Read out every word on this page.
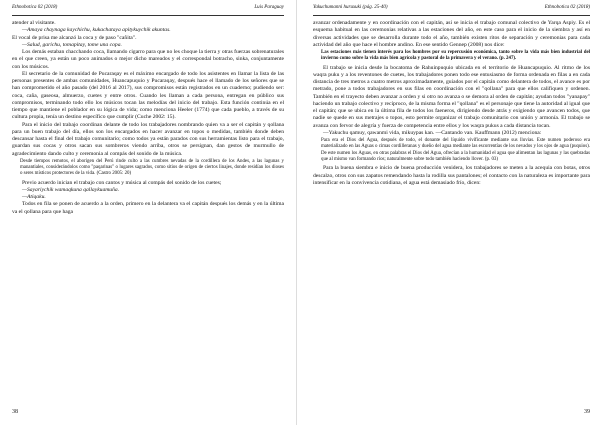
Ethnobotica 02 (2018)	Luis Paraguay

atender al visitante.

—Amaya chaynaga kaychichu, kukachataya apitykuychik akuntas.

El vocal de prisa me alcanzó la coca y de paso "cañita".

—Salud, garichu, tomapitay, tome una copa.

Los demás estaban chacchando coca, llamando cigarro para que no les choque la tierra y otras fuerzas sobrenaturales en el que creen, ya están un poco animados o mejor dicho mareados y el correspondal botracho, sinka, conjuntamente con los músicos.

El secretario de la comunidad de Pucaraqay es el máximo encargado de todo los asistentes en llamar la lista de las personas presentes de ambas comunidades, Huancapuquio y Pucaraqay, después hace el llamado de los señores que se han comprometido el año pasado (del 2016 al 2017), sus compromisos están registrados en un cuaderno; pudiendo ser: coca, caña, gaseosa, almuerzo, cuetes y entre otros. Cuando les llaman a cada persona, entregan en público sus compromisos, terminando todo ello los músicos tocan las melodías del inicio del trabajo. Esta función continúa en el tiempo que mantiene el poblador en su lógica de vida; como menciona Heeler (1774) que cada pueblo, a través de su cultura propia, tenía un destino específico que cumplir (Cuche 2002: 15).

Para el inicio del trabajo coordinan delante de todo los trabajadores nombrando quien va a ser el capitán y qollana para un buen trabajo del día, ellos son los encargados en hacer avanzar en topos o medidas, también donde deben descansar hasta el final del trabajo comunitario; como todos ya están parados con sus herramientas listo para el trabajo, guardan sus cocas y otros sacan sus sombreros viendo arriba, otros se persignan, dan gestos de murmullo de agradecimiento dando culto y ceremonia al compás del sonido de la música.

Desde tiempos remotos, el aborigen del Perú rinde culto a las cumbres nevadas de la cordillera de los Andes, a las lagunas y manantiales, considerándolos como "paqarinas" o lugares sagrados, como sitios de origen de ciertos linajes, donde residían los dioses o seres místicos protectores de la vida. (Castro 2005: 20)

Previo acuerdo inician el trabajo con cantos y música al compás del sonido de los cuetes;

—Sayariychik wamaqkuna qallaykuamuña.

—Atiqaku.

Todos en fila se ponen de acuerdo a la orden, primero en la delantera va el capitán después los demás y en la última va el qollana para que haga

38
Yakuchumanni huruxuki (pág. 25-40)	Ethnobotica 02 (2018)

avanzar ordenadamente y en coordinación con el capitán, así se inicia el trabajo comunal colectivo de Yarqa Aspiy. Es el esquema habitual en las ceremonias relativas a las estaciones del año, en este caso para el inicio de la siembra y así en diversas actividades que se desarrolla durante todo el año, también existen ritos de separación y ceremonias para cada actividad del año que hace el hombre andino. En ese sentido Gennep (2008) nos dice:

Las estaciones más tienen interés para los hombres por su repercusión económica, tanto sobre la vida más bien industrial del invierno como sobre la vida más bien agrícola y pastoral de la primavera y el verano. (p. 247).

El trabajo se inicia desde la bocatoma de Rahuinpuquio ubicada en el territorio de Huancapuquio. Al ritmo de los waqra puku y a los reventones de cuetes, los trabajadores ponen todo ese entusiasmo de forma ordenada en filas a en cada distancia de tres metros a cuatro metros aproximadamente, guiados por el capitán como delantera de todos, el avance es por metrado, pone a todos trabajadores en sus filas en coordinación con el "qollana" para que ellos califiquen y ordenen. También en el trayecto deben avanzar a orden y si otro no avanza o se demora al orden de capitán; ayudan todos "yanapay" haciendo un trabajo colectivo y recíproco, de la misma forma el "qollana" es el personaje que tiene la autoridad al igual que el capitán; que se ubica en la última fila de todos los faeneros, dirigiendo desde atrás y exigiendo que avancen todos, que nadie se quede en sus metrajes o topos, esto permite organizar el trabajo comunitario con unión y armonía. El trabajo se avanza con fervor de alegría y fuerza de competencia entre ellos y los waqra pukus a cada distancia tocan.

—Yakuchu qamuy, qawanmi vida, mikuypas kan. —Cantando van. Kauffmann (2012) menciona:

Para era el Dios del Agua, después de todo, el donante del líquido vivificante mediante sus lluvias. Este numen poderoso era materializado en las Aguas o cimas cordilleranas y dueño del agua mediante las escorrentías de los nevados y los ojos de agua (puquios). De este numen los Aguas, en otras palabras el Dios del Agua, ofrecían a la humanidad el agua que alimentan las lagunas y las quebradas que al mismo van formando ríos; naturalmente sobre todo también haciendo llover. (p. 03)

Para la buena siembra e inicio de buena producción venidera, los trabajadores se meten a la acequia con botas, otros descalzo, otros con sus zapatos remendando hasta la rodilla sus pantalones; el contacto con la naturaleza es importante para intensificar en la convivencia cotidiana, el agua está demasiado frío, dicen:

39
